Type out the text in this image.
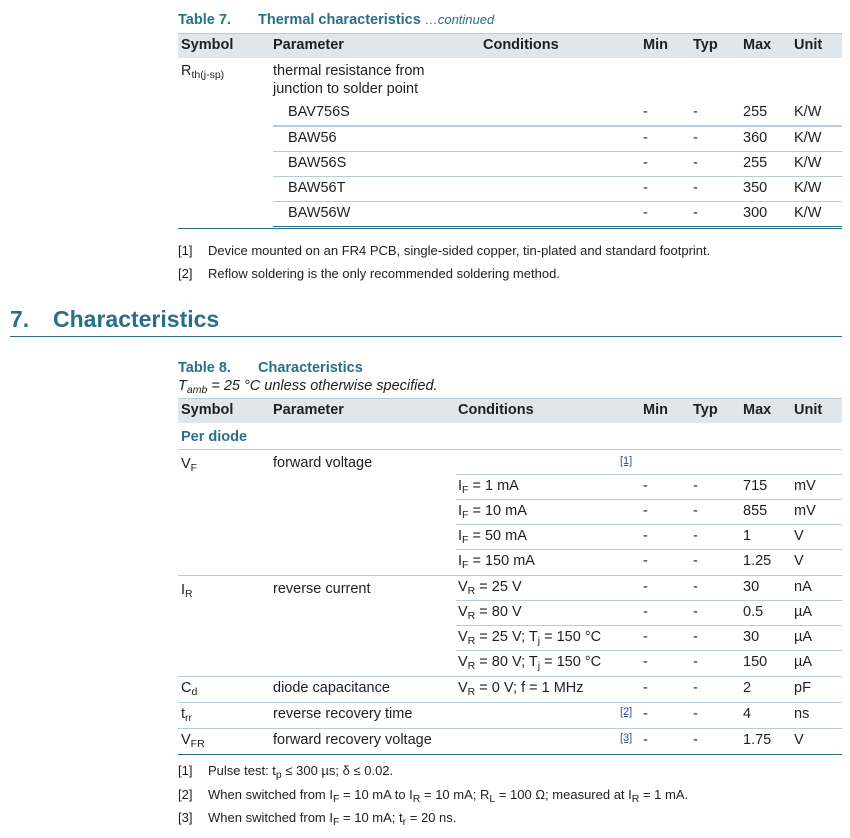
Table 7. Thermal characteristics …continued
Symbol	Parameter	Conditions	Min Typ Max Unit
$R_{th(j-sp)}$	thermal resistance from
junction to solder point
BAV756S	-	-	255 K/W
BAW56	-	-	360 K/W
BAW56S	-	-	255 K/W
BAW56T	-	-	350 K/W
BAW56W	-	-	300 K/W
[1] Device mounted on an FR4 PCB, single-sided copper, tin-plated and standard footprint.
[2] Reflow soldering is the only recommended soldering method.
7. Characteristics
Table 8. Characteristics
$T_{amb} = 25$ °C unless otherwise specified.
Symbol	Parameter	Conditions	Min Typ Max Unit
Per diode
$V_F$	forward voltage	[1]
$I_F = 1$ mA	-	-	715 mV
$I_F = 10$ mA	-	-	855 mV
$I_F = 50$ mA	-	-	1	V
$I_F = 150$ mA	-	-	1.25 V
$I_R$	reverse current	$V_R = 25$ V	-	-	30 nA
$V_R = 80$ V	-	-	0.5 µA
$V_R = 25$ V; $T_j = 150$ °C	-	-	30 µA
$V_R = 80$ V; $T_j = 150$ °C	-	-	150 µA
$C_d$	diode capacitance	$V_R = 0$ V; f = 1 MHz	-	-	2	pF
$t_{rr}$	reverse recovery time	[2] -	-	4	ns
$V_{FR}$	forward recovery voltage	[3] -	-	1.75 V
[1] Pulse test: $t_p \le 300$ µs; δ ≤ 0.02.
[2] When switched from $I_F = 10$ mA to $I_R = 10$ mA; $R_L = 100$ Ω; measured at $I_R = 1$ mA.
[3] When switched from $I_F = 10$ mA; $t_r = 20$ ns.
